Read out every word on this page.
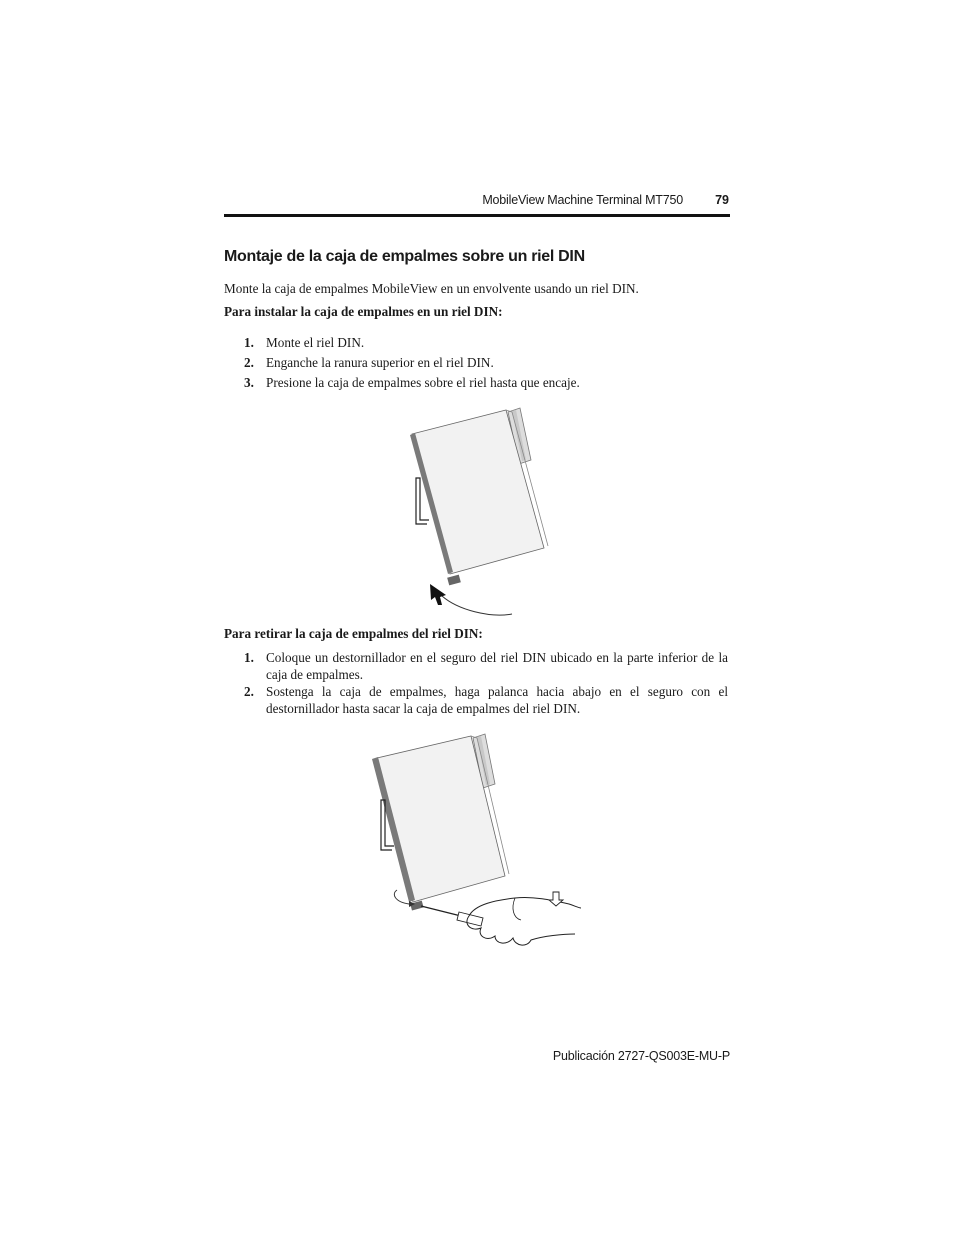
MobileView Machine Terminal MT750	79
Montaje de la caja de empalmes sobre un riel DIN

Monte la caja de empalmes MobileView en un envolvente usando un riel DIN.

Para instalar la caja de empalmes en un riel DIN:

1. Monte el riel DIN.
2. Enganche la ranura superior en el riel DIN.
3. Presione la caja de empalmes sobre el riel hasta que encaje.

Para retirar la caja de empalmes del riel DIN:

1. Coloque un destornillador en el seguro del riel DIN ubicado en la parte inferior de la caja de empalmes.
2. Sostenga la caja de empalmes, haga palanca hacia abajo en el seguro con el destornillador hasta sacar la caja de empalmes del riel DIN.
Publicación 2727-QS003E-MU-P
